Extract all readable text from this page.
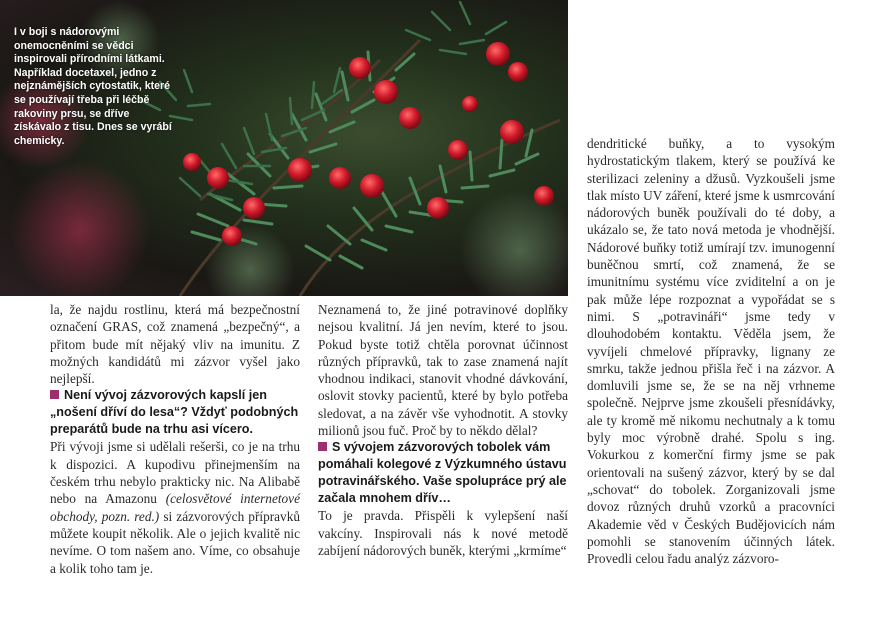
I v boji s nádorovými onemocněními se vědci inspirovali přírodními látkami. Například docetaxel, jedno z nejznámějších cytostatik, které se používají třeba při léčbě rakoviny prsu, se dříve získávalo z tisu. Dnes se vyrábí chemicky.

la, že najdu rostlinu, která má bezpečnostní označení GRAS, což znamená „bezpečný“, a přitom bude mít nějaký vliv na imunitu. Z možných kandidátů mi zázvor vyšel jako nejlepší.

Není vývoj zázvorových kapslí jen „nošení dříví do lesa“? Vždyť podobných preparátů bude na trhu asi vícero.

Při vývoji jsme si udělali rešerši, co je na trhu k dispozici. A kupodivu přinejmenším na českém trhu nebylo prakticky nic. Na Alibabě nebo na Amazonu (celosvětové internetové obchody, pozn. red.) si zázvorových přípravků můžete koupit několik. Ale o jejich kvalitě nic nevíme. O tom našem ano. Víme, co obsahuje a kolik toho tam je.

Neznamená to, že jiné potravinové doplňky nejsou kvalitní. Já jen nevím, které to jsou. Pokud byste totiž chtěla porovnat účinnost různých přípravků, tak to zase znamená najít vhodnou indikaci, stanovit vhodné dávkování, oslovit stovky pacientů, které by bylo potřeba sledovat, a na závěr vše vyhodnotit. A stovky milionů jsou fuč. Proč by to někdo dělal?

S vývojem zázvorových tobolek vám pomáhali kolegové z Výzkumného ústavu potravinářského. Vaše spolupráce prý ale začala mnohem dřív…

To je pravda. Přispěli k vylepšení naší vakcíny. Inspirovali nás k nové metodě zabíjení nádorových buněk, kterými „krmíme“

dendritické buňky, a to vysokým hydrostatickým tlakem, který se používá ke sterilizaci zeleniny a džusů. Vyzkoušeli jsme tlak místo UV záření, které jsme k usmrcování nádorových buněk používali do té doby, a ukázalo se, že tato nová metoda je vhodnější. Nádorové buňky totiž umírají tzv. imunogenní buněčnou smrtí, což znamená, že se imunitnímu systému více zviditelní a on je pak může lépe rozpoznat a vypořádat se s nimi. S „potravináři“ jsme tedy v dlouhodobém kontaktu. Věděla jsem, že vyvíjeli chmelové přípravky, lignany ze smrku, takže jednou přišla řeč i na zázvor. A domluvili jsme se, že se na něj vrhneme společně. Nejprve jsme zkoušeli přesnídávky, ale ty kromě mě nikomu nechutnaly a k tomu byly moc výrobně drahé. Spolu s ing. Vokurkou z komerční firmy jsme se pak orientovali na sušený zázvor, který by se dal „schovat“ do tobolek. Zorganizovali jsme dovoz různých druhů vzorků a pracovníci Akademie věd v Českých Budějovicích nám pomohli se stanovením účinných látek. Provedli celou řadu analýz zázvoro-
